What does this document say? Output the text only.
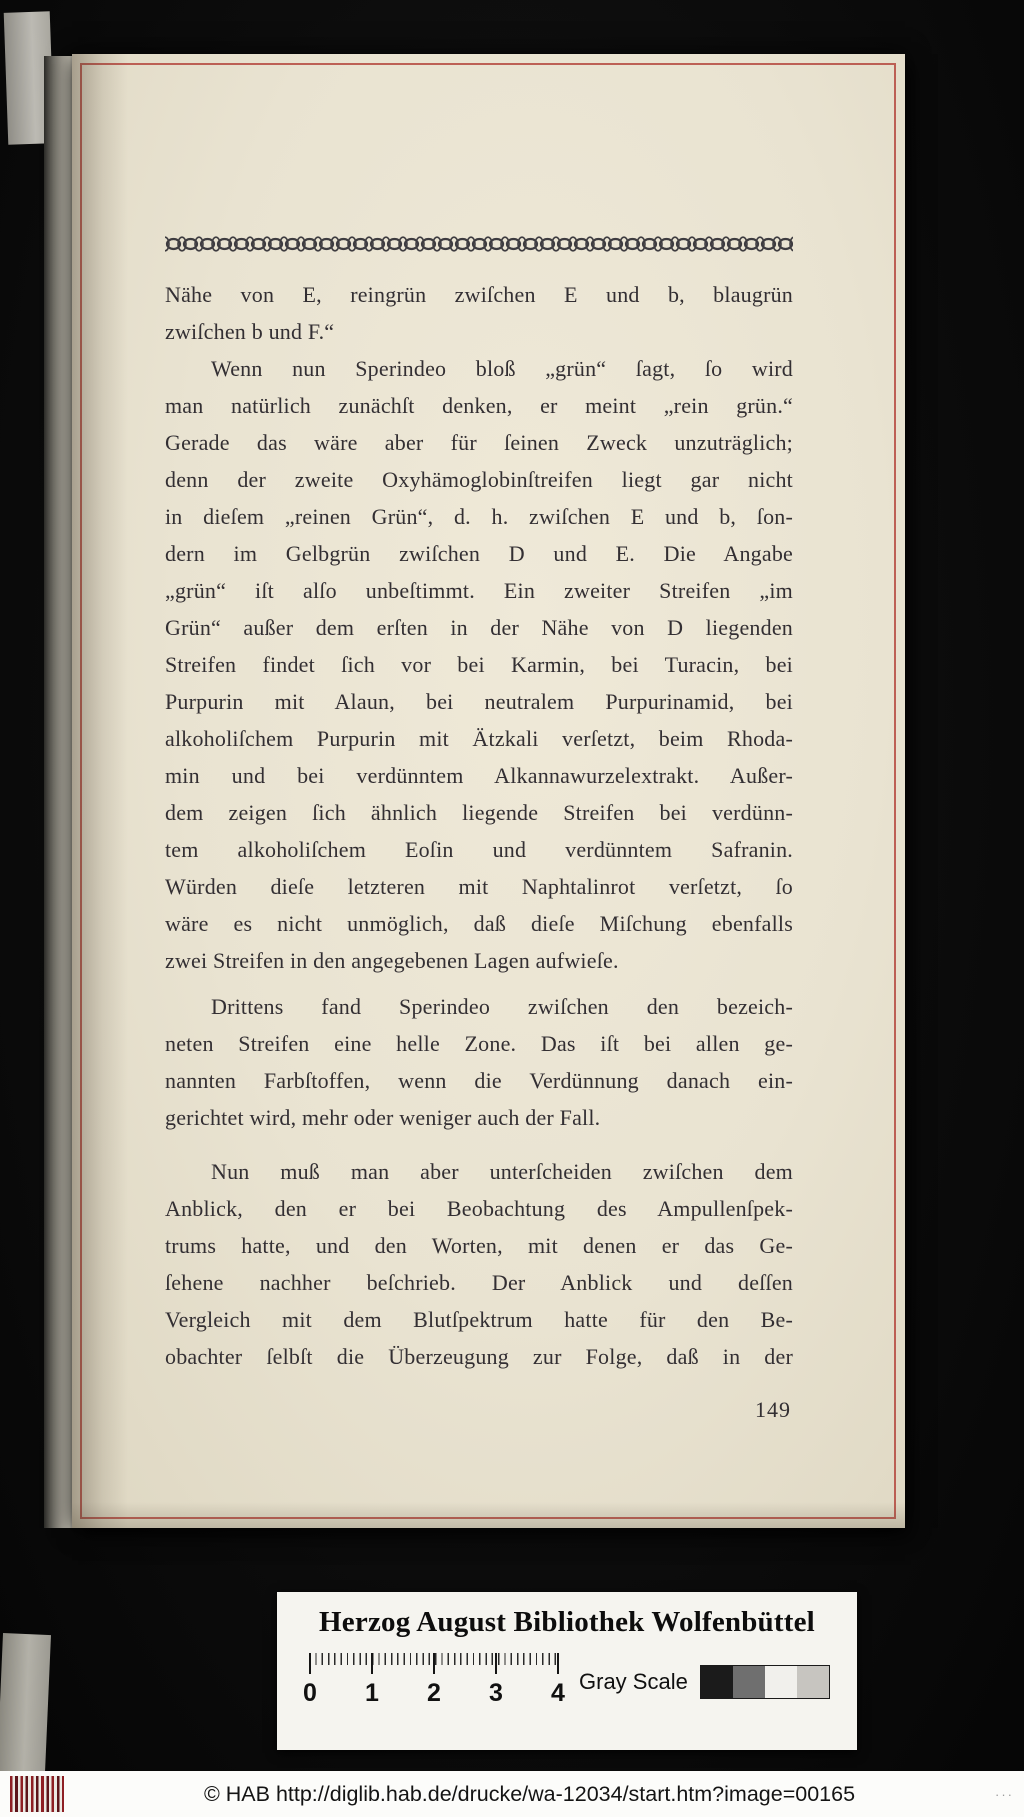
Nähe von E, reingrün zwiſchen E und b, blaugrün
zwiſchen b und F.“
Wenn nun Sperindeo bloß „grün“ ſagt, ſo wird
man natürlich zunächſt denken, er meint „rein grün.“
Gerade das wäre aber für ſeinen Zweck unzuträglich;
denn der zweite Oxyhämoglobinſtreifen liegt gar nicht
in dieſem „reinen Grün“, d. h. zwiſchen E und b, ſon-
dern im Gelbgrün zwiſchen D und E. Die Angabe
„grün“ iſt alſo unbeſtimmt. Ein zweiter Streifen „im
Grün“ außer dem erſten in der Nähe von D liegenden
Streifen findet ſich vor bei Karmin, bei Turacin, bei
Purpurin mit Alaun, bei neutralem Purpurinamid, bei
alkoholiſchem Purpurin mit Ätzkali verſetzt, beim Rhoda-
min und bei verdünntem Alkannawurzelextrakt. Außer-
dem zeigen ſich ähnlich liegende Streifen bei verdünn-
tem alkoholiſchem Eoſin und verdünntem Safranin.
Würden dieſe letzteren mit Naphtalinrot verſetzt, ſo
wäre es nicht unmöglich, daß dieſe Miſchung ebenfalls
zwei Streifen in den angegebenen Lagen aufwieſe.
Drittens fand Sperindeo zwiſchen den bezeich-
neten Streifen eine helle Zone. Das iſt bei allen ge-
nannten Farbſtoffen, wenn die Verdünnung danach ein-
gerichtet wird, mehr oder weniger auch der Fall.
Nun muß man aber unterſcheiden zwiſchen dem
Anblick, den er bei Beobachtung des Ampullenſpek-
trums hatte, und den Worten, mit denen er das Ge-
ſehene nachher beſchrieb. Der Anblick und deſſen
Vergleich mit dem Blutſpektrum hatte für den Be-
obachter ſelbſt die Überzeugung zur Folge, daß in der
149
Herzog August Bibliothek Wolfenbüttel
0 1 2 3 4 Gray Scale
© HAB http://diglib.hab.de/drucke/wa-12034/start.htm?image=00165	···
